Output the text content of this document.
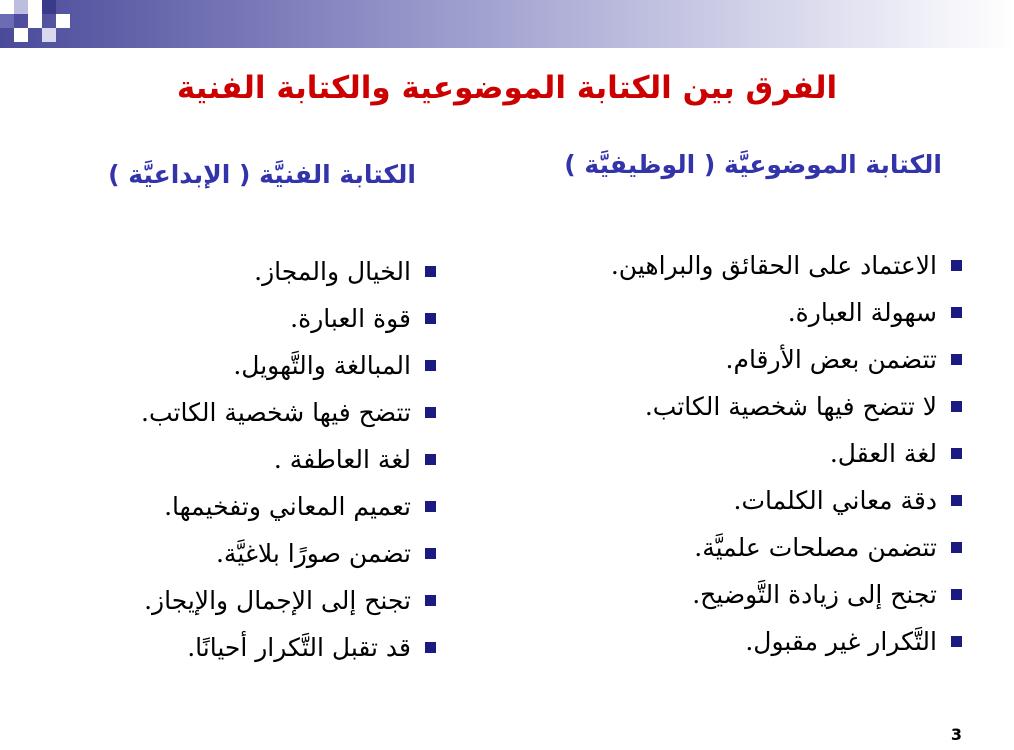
الفرق بين الكتابة الموضوعية والكتابة الفنية
الكتابة الموضوعيَّة ( الوظيفيَّة )
الكتابة الفنيَّة ( الإبداعيَّة )
الاعتماد على الحقائق والبراهين.
سهولة العبارة.
تتضمن بعض الأرقام.
لا تتضح فيها شخصية الكاتب.
لغة العقل.
دقة معاني الكلمات.
تتضمن مصلحات علميَّة.
تجنح إلى زيادة التَّوضيح.
التَّكرار غير مقبول.
الخيال والمجاز.
قوة العبارة.
المبالغة والتَّهويل.
تتضح فيها شخصية الكاتب.
لغة العاطفة .
تعميم المعاني وتفخيمها.
تضمن صورًا بلاغيَّة.
تجنح إلى الإجمال والإيجاز.
قد تقبل التَّكرار أحيانًا.
3
